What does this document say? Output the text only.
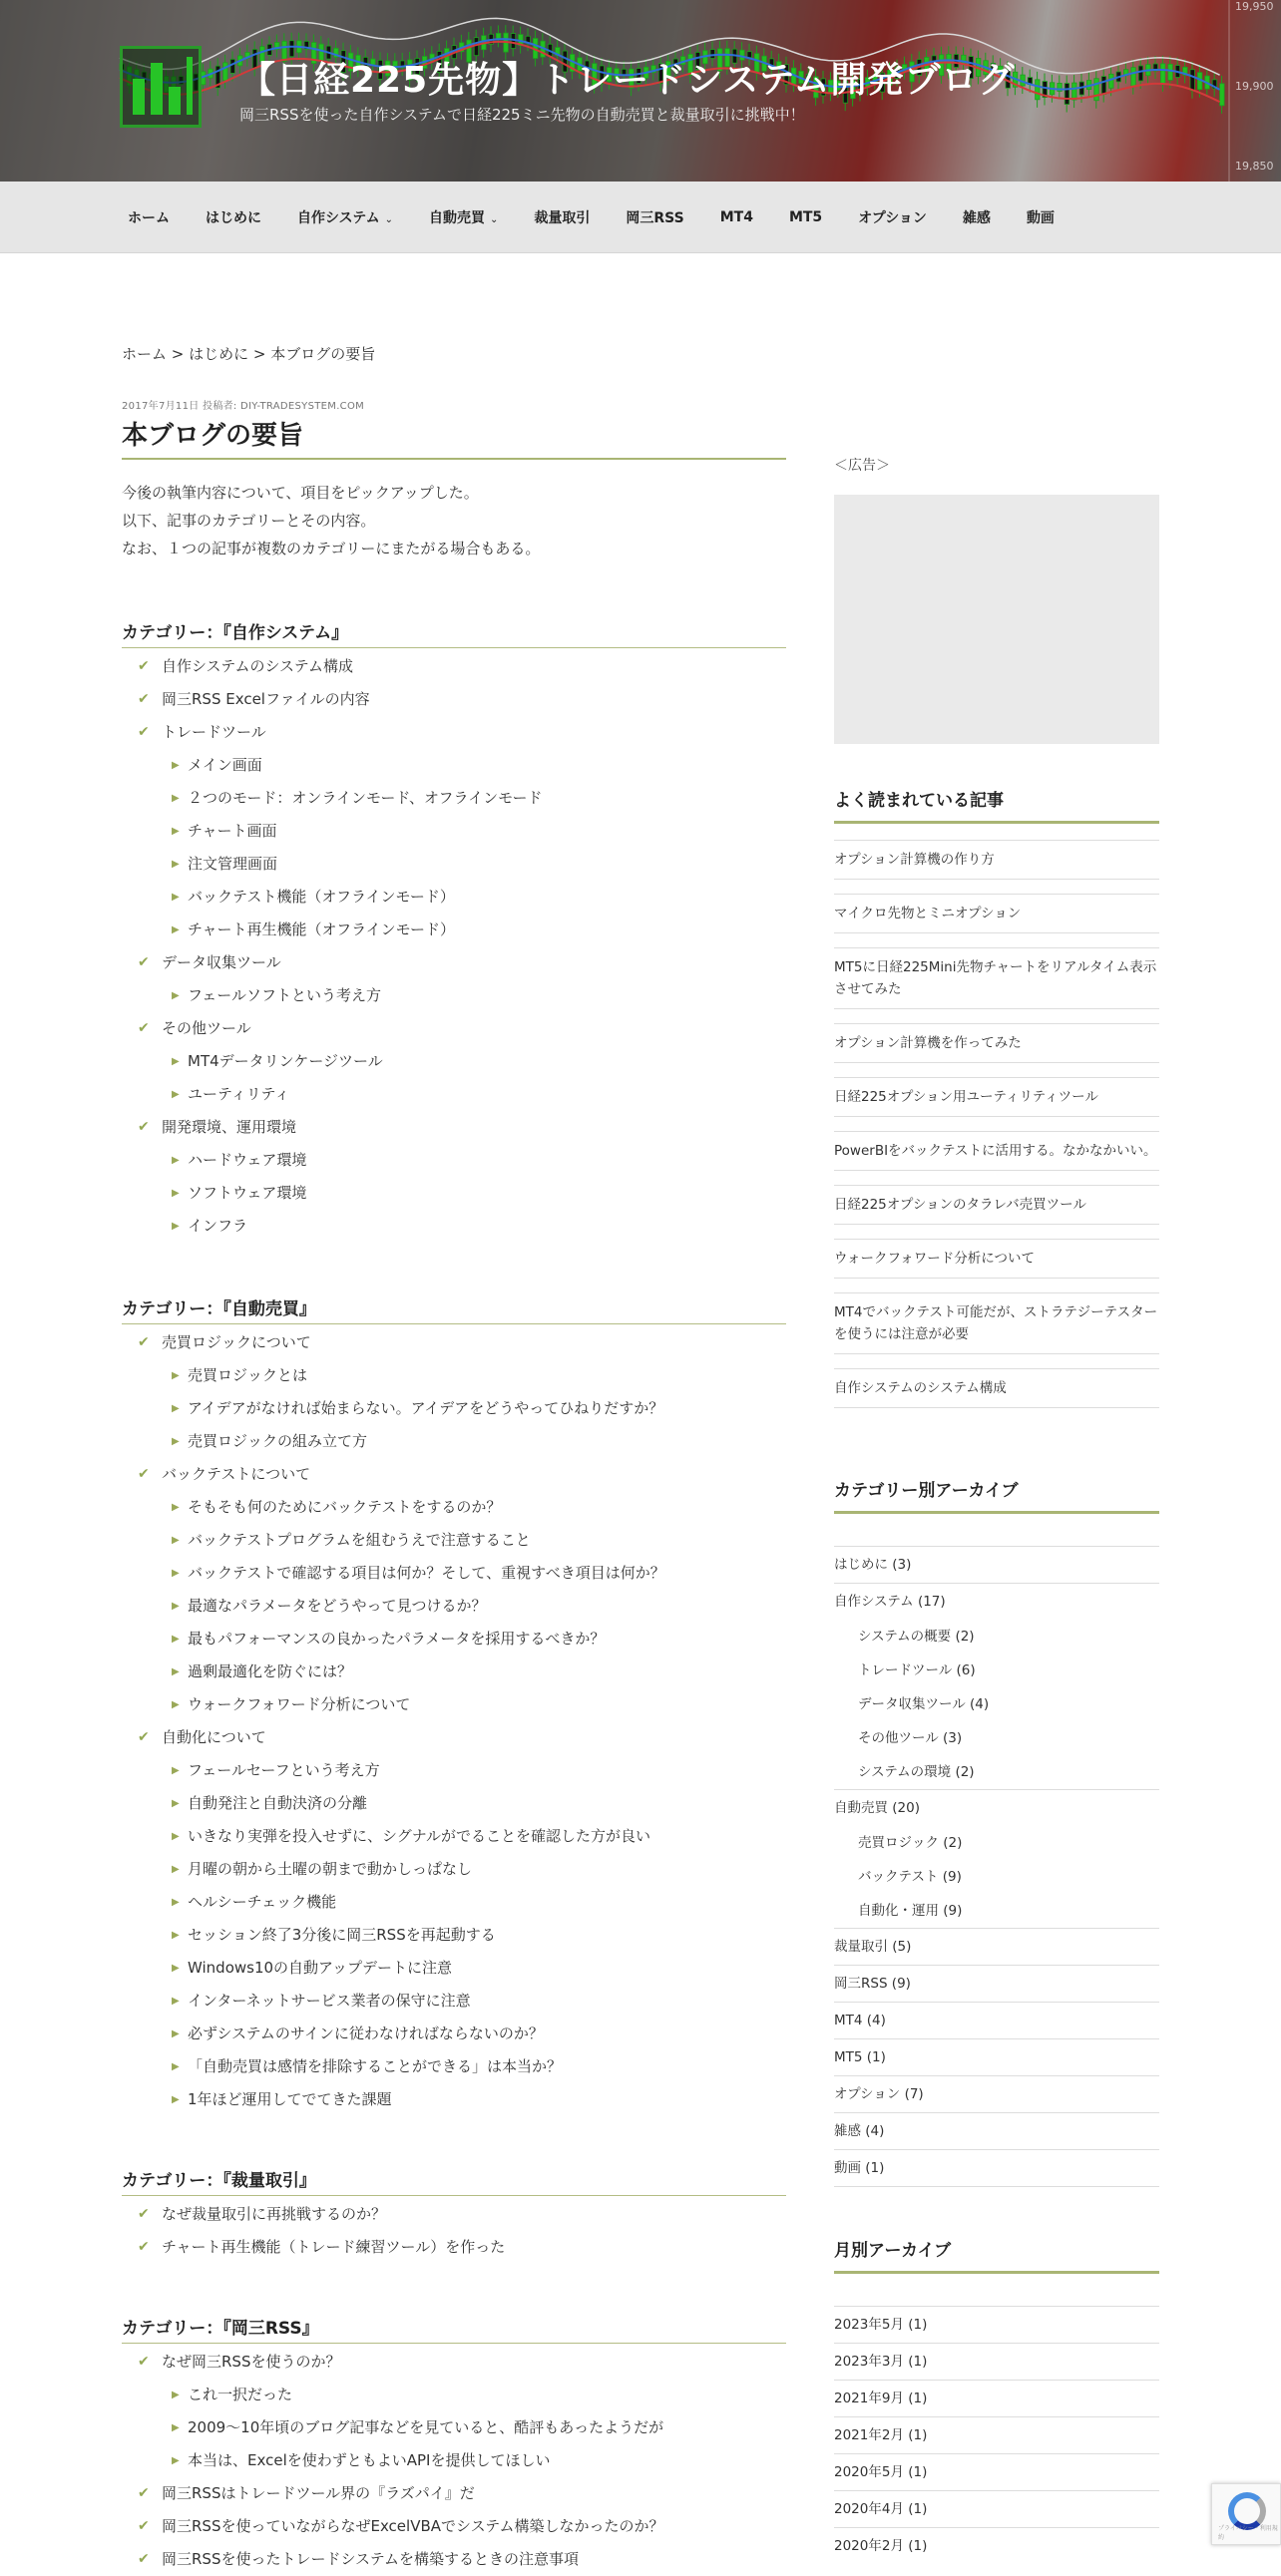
19,950
19,900
19,850
【日経225先物】トレードシステム開発ブログ
岡三RSSを使った自作システムで日経225ミニ先物の自動売買と裁量取引に挑戦中！
ホーム	はじめに	自作システム ⌄	自動売買 ⌄	裁量取引	岡三RSS	MT4	MT5	オプション	雑感	動画
ホーム > はじめに > 本ブログの要旨
2017年7月11日 投稿者: DIY-TRADESYSTEM.COM
本ブログの要旨

今後の執筆内容について、項目をピックアップした。

以下、記事のカテゴリーとその内容。

なお、１つの記事が複数のカテゴリーにまたがる場合もある。

カテゴリー：『自作システム』
✔ 自作システムのシステム構成
✔ 岡三RSS Excelファイルの内容
✔ トレードツール
▶ メイン画面
▶ ２つのモード：オンラインモード、オフラインモード
▶ チャート画面
▶ 注文管理画面
▶ バックテスト機能（オフラインモード）
▶ チャート再生機能（オフラインモード）
✔ データ収集ツール
▶ フェールソフトという考え方
✔ その他ツール
▶ MT4データリンケージツール
▶ ユーティリティ
✔ 開発環境、運用環境
▶ ハードウェア環境
▶ ソフトウェア環境
▶ インフラ
カテゴリー：『自動売買』
✔ 売買ロジックについて
▶ 売買ロジックとは
▶ アイデアがなければ始まらない。アイデアをどうやってひねりだすか？
▶ 売買ロジックの組み立て方
✔ バックテストについて
▶ そもそも何のためにバックテストをするのか？
▶ バックテストプログラムを組むうえで注意すること
▶ バックテストで確認する項目は何か？そして、重視すべき項目は何か？
▶ 最適なパラメータをどうやって見つけるか？
▶ 最もパフォーマンスの良かったパラメータを採用するべきか？
▶ 過剰最適化を防ぐには？
▶ ウォークフォワード分析について
✔ 自動化について
▶ フェールセーフという考え方
▶ 自動発注と自動決済の分離
▶ いきなり実弾を投入せずに、シグナルがでることを確認した方が良い
▶ 月曜の朝から土曜の朝まで動かしっぱなし
▶ ヘルシーチェック機能
▶ セッション終了3分後に岡三RSSを再起動する
▶ Windows10の自動アップデートに注意
▶ インターネットサービス業者の保守に注意
▶ 必ずシステムのサインに従わなければならないのか？
▶ 「自動売買は感情を排除することができる」は本当か？
▶ 1年ほど運用してでてきた課題
カテゴリー：『裁量取引』
✔ なぜ裁量取引に再挑戦するのか？
✔ チャート再生機能（トレード練習ツール）を作った
カテゴリー：『岡三RSS』
✔ なぜ岡三RSSを使うのか？
▶ これ一択だった
▶ 2009～10年頃のブログ記事などを見ていると、酷評もあったようだが
▶ 本当は、Excelを使わずともよいAPIを提供してほしい
✔ 岡三RSSはトレードツール界の『ラズパイ』だ
✔ 岡三RSSを使っていながらなぜExcelVBAでシステム構築しなかったのか？
✔ 岡三RSSを使ったトレードシステムを構築するときの注意事項
＜広告＞
よく読まれている記事
オプション計算機の作り方
マイクロ先物とミニオプション
MT5に日経225Mini先物チャートをリアルタイム表示させてみた
オプション計算機を作ってみた
日経225オプション用ユーティリティツール
PowerBIをバックテストに活用する。なかなかいい。
日経225オプションのタラレバ売買ツール
ウォークフォワード分析について
MT4でバックテスト可能だが、ストラテジーテスターを使うには注意が必要
自作システムのシステム構成
カテゴリー別アーカイブ
はじめに (3)
自作システム (17)
システムの概要 (2)
トレードツール (6)
データ収集ツール (4)
その他ツール (3)
システムの環境 (2)
自動売買 (20)
売買ロジック (2)
バックテスト (9)
自動化・運用 (9)
裁量取引 (5)
岡三RSS (9)
MT4 (4)
MT5 (1)
オプション (7)
雑感 (4)
動画 (1)
月別アーカイブ
2023年5月 (1)
2023年3月 (1)
2021年9月 (1)
2021年2月 (1)
2020年5月 (1)
2020年4月 (1)
2020年2月 (1)
プライバシー・利用規約
